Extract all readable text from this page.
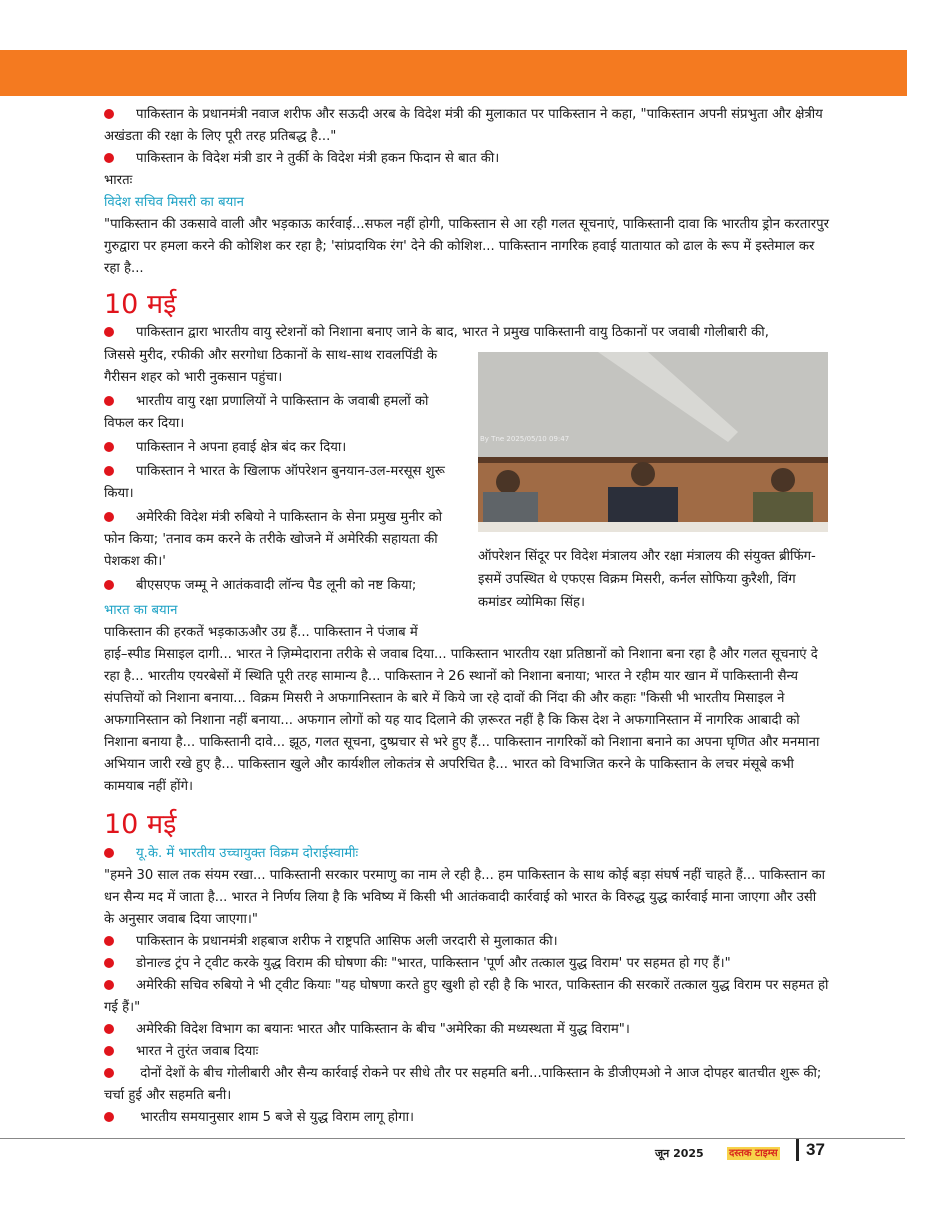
पाकिस्तान के प्रधानमंत्री नवाज शरीफ और सऊदी अरब के विदेश मंत्री की मुलाकात पर पाकिस्तान ने कहा, "पाकिस्तान अपनी संप्रभुता और क्षेत्रीय अखंडता की रक्षा के लिए पूरी तरह प्रतिबद्ध है..."

पाकिस्तान के विदेश मंत्री डार ने तुर्की के विदेश मंत्री हकन फिदान से बात की।

भारतः

विदेश सचिव मिसरी का बयान

"पाकिस्तान की उकसावे वाली और भड़काऊ कार्रवाई...सफल नहीं होगी, पाकिस्तान से आ रही गलत सूचनाएं, पाकिस्तानी दावा कि भारतीय ड्रोन करतारपुर गुरुद्वारा पर हमला करने की कोशिश कर रहा है; 'सांप्रदायिक रंग' देने की कोशिश... पाकिस्तान नागरिक हवाई यातायात को ढाल के रूप में इस्तेमाल कर रहा है...

10 मई

पाकिस्तान द्वारा भारतीय वायु स्टेशनों को निशाना बनाए जाने के बाद, भारत ने प्रमुख पाकिस्तानी वायु ठिकानों पर जवाबी गोलीबारी की,

जिससे मुरीद, रफीकी और सरगोधा ठिकानों के साथ-साथ रावलपिंडी के गैरीसन शहर को भारी नुकसान पहुंचा।

भारतीय वायु रक्षा प्रणालियों ने पाकिस्तान के जवाबी हमलों को विफल कर दिया।

पाकिस्तान ने अपना हवाई क्षेत्र बंद कर दिया।

पाकिस्तान ने भारत के खिलाफ ऑपरेशन बुनयान-उल-मरसूस शुरू किया।

अमेरिकी विदेश मंत्री रुबियो ने पाकिस्तान के सेना प्रमुख मुनीर को फोन किया; 'तनाव कम करने के तरीके खोजने में अमेरिकी सहायता की पेशकश की।'

बीएसएफ जम्मू ने आतंकवादी लॉन्च पैड लूनी को नष्ट किया;

By Tne 2025/05/10 09:47
ऑपरेशन सिंदूर पर विदेश मंत्रालय और रक्षा मंत्रालय की संयुक्त ब्रीफिंग- इसमें उपस्थित थे एफएस विक्रम मिसरी, कर्नल सोफिया कुरैशी, विंग कमांडर व्योमिका सिंह।

भारत का बयान

पाकिस्तान की हरकतें भड़काऊऔर उग्र हैं... पाकिस्तान ने पंजाब में

हाई–स्पीड मिसाइल दागी... भारत ने ज़िम्मेदाराना तरीके से जवाब दिया... पाकिस्तान भारतीय रक्षा प्रतिष्ठानों को निशाना बना रहा है और गलत सूचनाएं दे रहा है... भारतीय एयरबेसों में स्थिति पूरी तरह सामान्य है... पाकिस्तान ने 26 स्थानों को निशाना बनाया; भारत ने रहीम यार खान में पाकिस्तानी सैन्य संपत्तियों को निशाना बनाया... विक्रम मिसरी ने अफगानिस्तान के बारे में किये जा रहे दावों की निंदा की और कहाः "किसी भी भारतीय मिसाइल ने अफगानिस्तान को निशाना नहीं बनाया... अफगान लोगों को यह याद दिलाने की ज़रूरत नहीं है कि किस देश ने अफगानिस्तान में नागरिक आबादी को निशाना बनाया है... पाकिस्तानी दावे... झूठ, गलत सूचना, दुष्प्रचार से भरे हुए हैं... पाकिस्तान नागरिकों को निशाना बनाने का अपना घृणित और मनमाना अभियान जारी रखे हुए है... पाकिस्तान खुले और कार्यशील लोकतंत्र से अपरिचित है... भारत को विभाजित करने के पाकिस्तान के लचर मंसूबे कभी कामयाब नहीं होंगे।

10 मई

यू.के. में भारतीय उच्चायुक्त विक्रम दोराईस्वामीः

"हमने 30 साल तक संयम रखा... पाकिस्तानी सरकार परमाणु का नाम ले रही है... हम पाकिस्तान के साथ कोई बड़ा संघर्ष नहीं चाहते हैं... पाकिस्तान का धन सैन्य मद में जाता है... भारत ने निर्णय लिया है कि भविष्य में किसी भी आतंकवादी कार्रवाई को भारत के विरुद्ध युद्ध कार्रवाई माना जाएगा और उसी के अनुसार जवाब दिया जाएगा।"

पाकिस्तान के प्रधानमंत्री शहबाज शरीफ ने राष्ट्रपति आसिफ अली जरदारी से मुलाकात की।

डोनाल्ड ट्रंप ने ट्वीट करके युद्ध विराम की घोषणा कीः "भारत, पाकिस्तान 'पूर्ण और तत्काल युद्ध विराम' पर सहमत हो गए हैं।"

अमेरिकी सचिव रुबियो ने भी ट्वीट कियाः "यह घोषणा करते हुए खुशी हो रही है कि भारत, पाकिस्तान की सरकारें तत्काल युद्ध विराम पर सहमत हो गई हैं।"

अमेरिकी विदेश विभाग का बयानः भारत और पाकिस्तान के बीच "अमेरिका की मध्यस्थता में युद्ध विराम"।

भारत ने तुरंत जवाब दियाः

दोनों देशों के बीच गोलीबारी और सैन्य कार्रवाई रोकने पर सीधे तौर पर सहमति बनी...पाकिस्तान के डीजीएमओ ने आज दोपहर बातचीत शुरू की; चर्चा हुई और सहमति बनी।

भारतीय समयानुसार शाम 5 बजे से युद्ध विराम लागू होगा।

जून 2025	दस्तक टाइम्स 37
